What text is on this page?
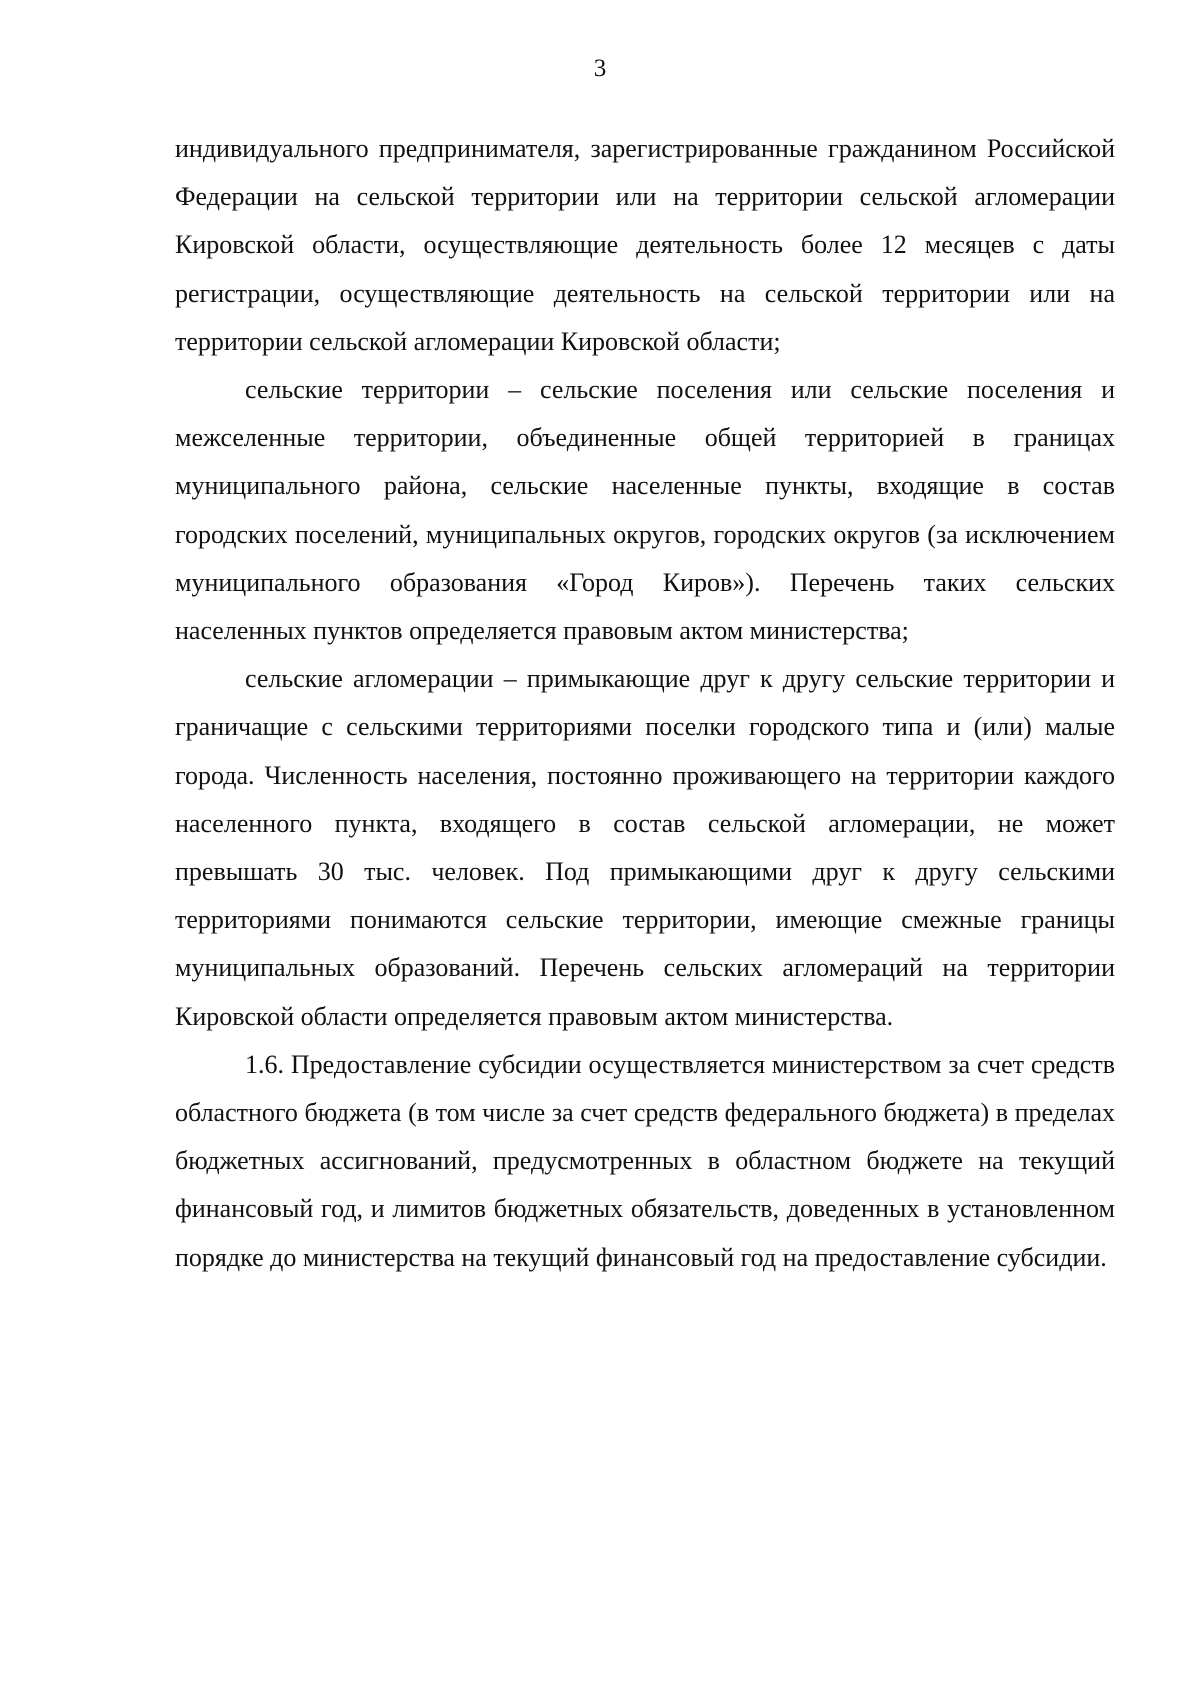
3

индивидуального предпринимателя, зарегистрированные гражданином Российской Федерации на сельской территории или на территории сельской агломерации Кировской области, осуществляющие деятельность более 12 месяцев с даты регистрации, осуществляющие деятельность на сельской территории или на территории сельской агломерации Кировской области;

сельские территории – сельские поселения или сельские поселения и межселенные территории, объединенные общей территорией в границах муниципального района, сельские населенные пункты, входящие в состав городских поселений, муниципальных округов, городских округов (за исключением муниципального образования «Город Киров»). Перечень таких сельских населенных пунктов определяется правовым актом министерства;

сельские агломерации – примыкающие друг к другу сельские территории и граничащие с сельскими территориями поселки городского типа и (или) малые города. Численность населения, постоянно проживающего на территории каждого населенного пункта, входящего в состав сельской агломерации, не может превышать 30 тыс. человек. Под примыкающими друг к другу сельскими территориями понимаются сельские территории, имеющие смежные границы муниципальных образований. Перечень сельских агломераций на территории Кировской области определяется правовым актом министерства.

1.6. Предоставление субсидии осуществляется министерством за счет средств областного бюджета (в том числе за счет средств федерального бюджета) в пределах бюджетных ассигнований, предусмотренных в областном бюджете на текущий финансовый год, и лимитов бюджетных обязательств, доведенных в установленном порядке до министерства на текущий финансовый год на предоставление субсидии.
